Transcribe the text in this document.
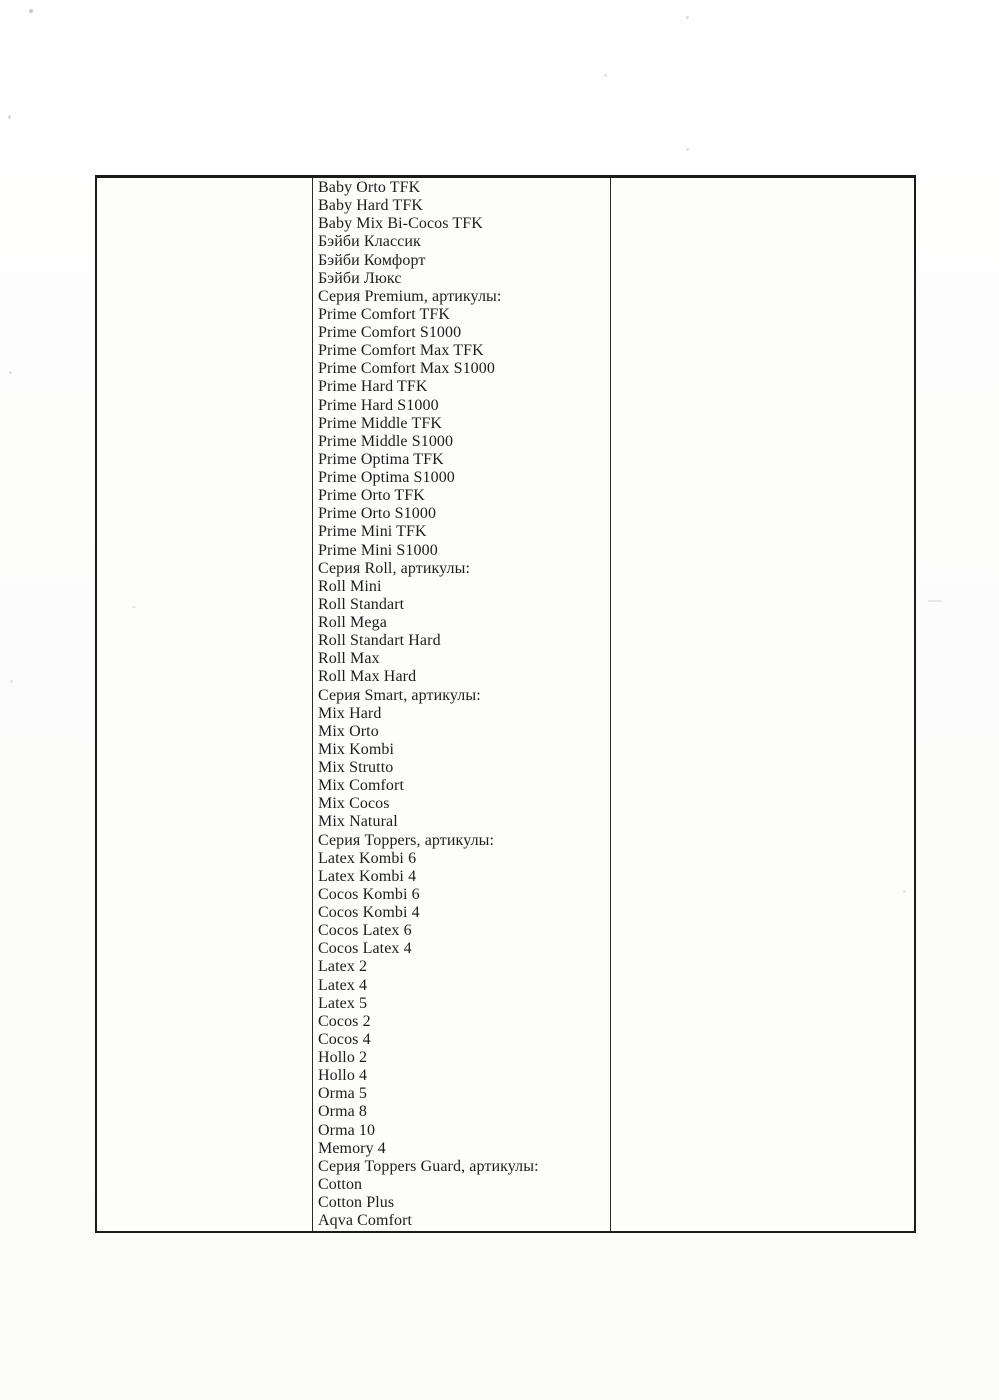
Baby Orto TFK
Baby Hard TFK
Baby Mix Bi-Cocos TFK
Бэйби Классик
Бэйби Комфорт
Бэйби Люкс
Серия Premium, артикулы:
Prime Comfort TFK
Prime Comfort S1000
Prime Comfort Max TFK
Prime Comfort Max S1000
Prime Hard TFK
Prime Hard S1000
Prime Middle TFK
Prime Middle S1000
Prime Optima TFK
Prime Optima S1000
Prime Orto TFK
Prime Orto S1000
Prime Mini TFK
Prime Mini S1000
Серия Roll, артикулы:
Roll Mini
Roll Standart
Roll Mega
Roll Standart Hard
Roll Max
Roll Max Hard
Серия Smart, артикулы:
Mix Hard
Mix Orto
Mix Kombi
Mix Strutto
Mix Comfort
Mix Cocos
Mix Natural
Серия Toppers, артикулы:
Latex Kombi 6
Latex Kombi 4
Cocos Kombi 6
Cocos Kombi 4
Cocos Latex 6
Cocos Latex 4
Latex 2
Latex 4
Latex 5
Cocos 2
Cocos 4
Hollo 2
Hollo 4
Orma 5
Orma 8
Orma 10
Memory 4
Серия Toppers Guard, артикулы:
Cotton
Cotton Plus
Aqva Comfort
